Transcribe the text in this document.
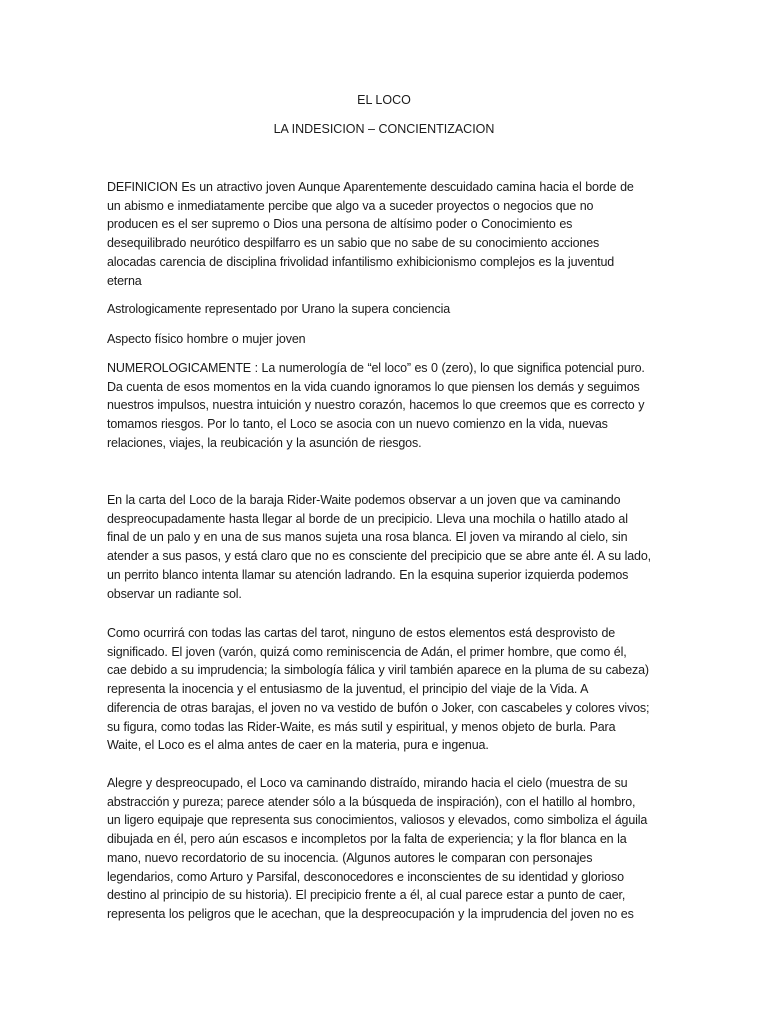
EL LOCO
LA INDESICION – CONCIENTIZACION
DEFINICION Es un atractivo joven Aunque Aparentemente descuidado camina hacia el borde de
un abismo e inmediatamente percibe que algo va a suceder proyectos o negocios que no
producen es el ser supremo o Dios una persona de altísimo poder o Conocimiento es
desequilibrado neurótico despilfarro es un sabio que no sabe de su conocimiento acciones
alocadas carencia de disciplina frivolidad infantilismo exhibicionismo complejos es la juventud
eterna
Astrologicamente representado por Urano la supera conciencia
Aspecto físico hombre o mujer joven
NUMEROLOGICAMENTE : La numerología de “el loco” es 0 (zero), lo que significa potencial puro.
Da cuenta de esos momentos en la vida cuando ignoramos lo que piensen los demás y seguimos
nuestros impulsos, nuestra intuición y nuestro corazón, hacemos lo que creemos que es correcto y
tomamos riesgos. Por lo tanto, el Loco se asocia con un nuevo comienzo en la vida, nuevas
relaciones, viajes, la reubicación y la asunción de riesgos.
En la carta del Loco de la baraja Rider-Waite podemos observar a un joven que va caminando
despreocupadamente hasta llegar al borde de un precipicio. Lleva una mochila o hatillo atado al
final de un palo y en una de sus manos sujeta una rosa blanca. El joven va mirando al cielo, sin
atender a sus pasos, y está claro que no es consciente del precipicio que se abre ante él. A su lado,
un perrito blanco intenta llamar su atención ladrando. En la esquina superior izquierda podemos
observar un radiante sol.
Como ocurrirá con todas las cartas del tarot, ninguno de estos elementos está desprovisto de
significado. El joven (varón, quizá como reminiscencia de Adán, el primer hombre, que como él,
cae debido a su imprudencia; la simbología fálica y viril también aparece en la pluma de su cabeza)
representa la inocencia y el entusiasmo de la juventud, el principio del viaje de la Vida. A
diferencia de otras barajas, el joven no va vestido de bufón o Joker, con cascabeles y colores vivos;
su figura, como todas las Rider-Waite, es más sutil y espiritual, y menos objeto de burla. Para
Waite, el Loco es el alma antes de caer en la materia, pura e ingenua.
Alegre y despreocupado, el Loco va caminando distraído, mirando hacia el cielo (muestra de su
abstracción y pureza; parece atender sólo a la búsqueda de inspiración), con el hatillo al hombro,
un ligero equipaje que representa sus conocimientos, valiosos y elevados, como simboliza el águila
dibujada en él, pero aún escasos e incompletos por la falta de experiencia; y la flor blanca en la
mano, nuevo recordatorio de su inocencia. (Algunos autores le comparan con personajes
legendarios, como Arturo y Parsifal, desconocedores e inconscientes de su identidad y glorioso
destino al principio de su historia). El precipicio frente a él, al cual parece estar a punto de caer,
representa los peligros que le acechan, que la despreocupación y la imprudencia del joven no es
